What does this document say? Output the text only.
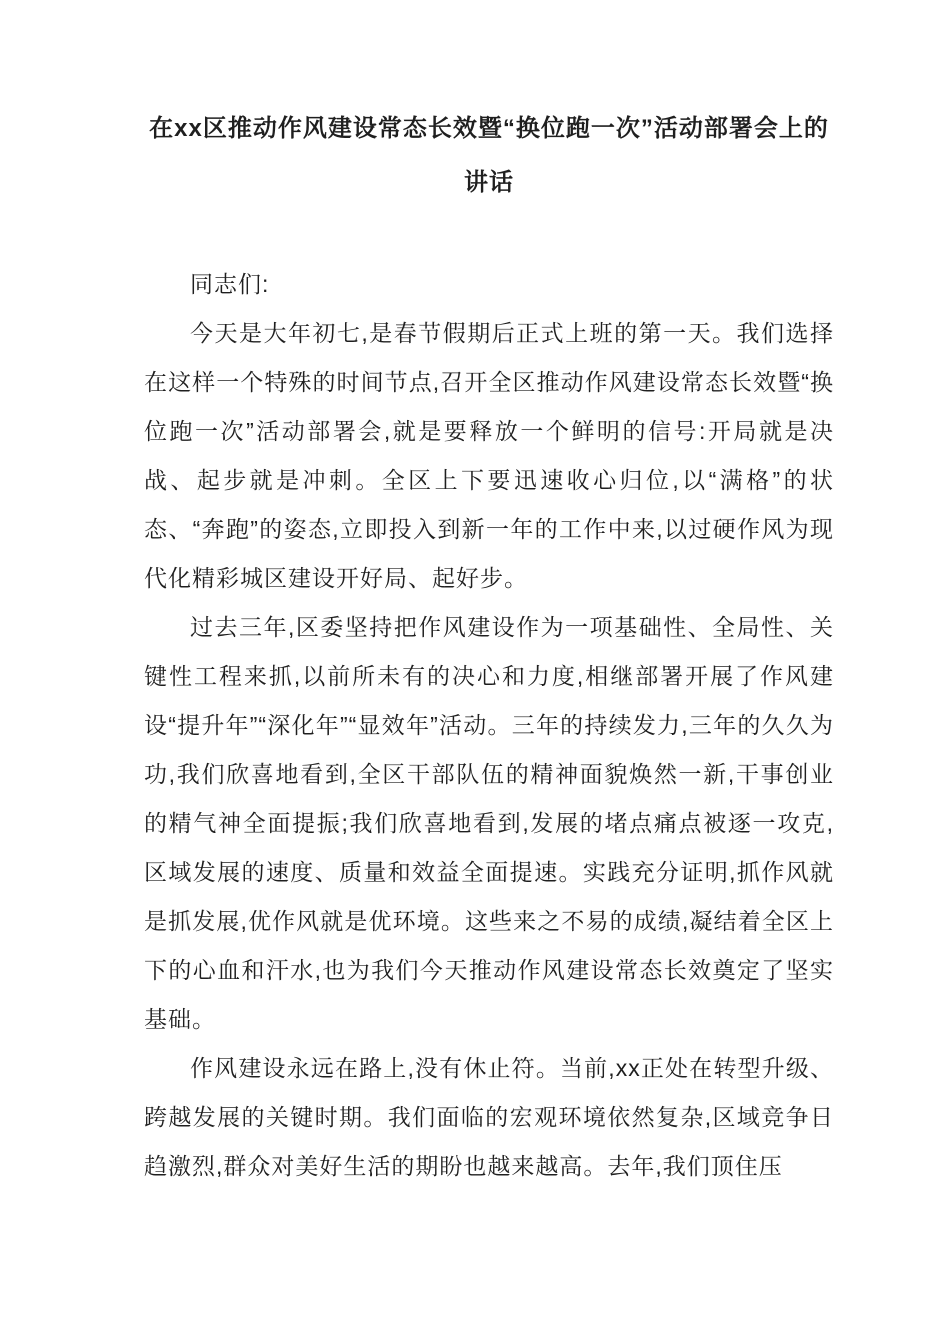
在xx区推动作风建设常态长效暨“换位跑一次”活动部署会上的讲话

同志们:

今天是大年初七,是春节假期后正式上班的第一天。我们选择在这样一个特殊的时间节点,召开全区推动作风建设常态长效暨“换位跑一次”活动部署会,就是要释放一个鲜明的信号:开局就是决战、起步就是冲刺。全区上下要迅速收心归位,以“满格”的状态、“奔跑”的姿态,立即投入到新一年的工作中来,以过硬作风为现代化精彩城区建设开好局、起好步。

过去三年,区委坚持把作风建设作为一项基础性、全局性、关键性工程来抓,以前所未有的决心和力度,相继部署开展了作风建设“提升年”“深化年”“显效年”活动。三年的持续发力,三年的久久为功,我们欣喜地看到,全区干部队伍的精神面貌焕然一新,干事创业的精气神全面提振;我们欣喜地看到,发展的堵点痛点被逐一攻克,区域发展的速度、质量和效益全面提速。实践充分证明,抓作风就是抓发展,优作风就是优环境。这些来之不易的成绩,凝结着全区上下的心血和汗水,也为我们今天推动作风建设常态长效奠定了坚实基础。

作风建设永远在路上,没有休止符。当前,xx正处在转型升级、跨越发展的关键时期。我们面临的宏观环境依然复杂,区域竞争日趋激烈,群众对美好生活的期盼也越来越高。去年,我们顶住压
